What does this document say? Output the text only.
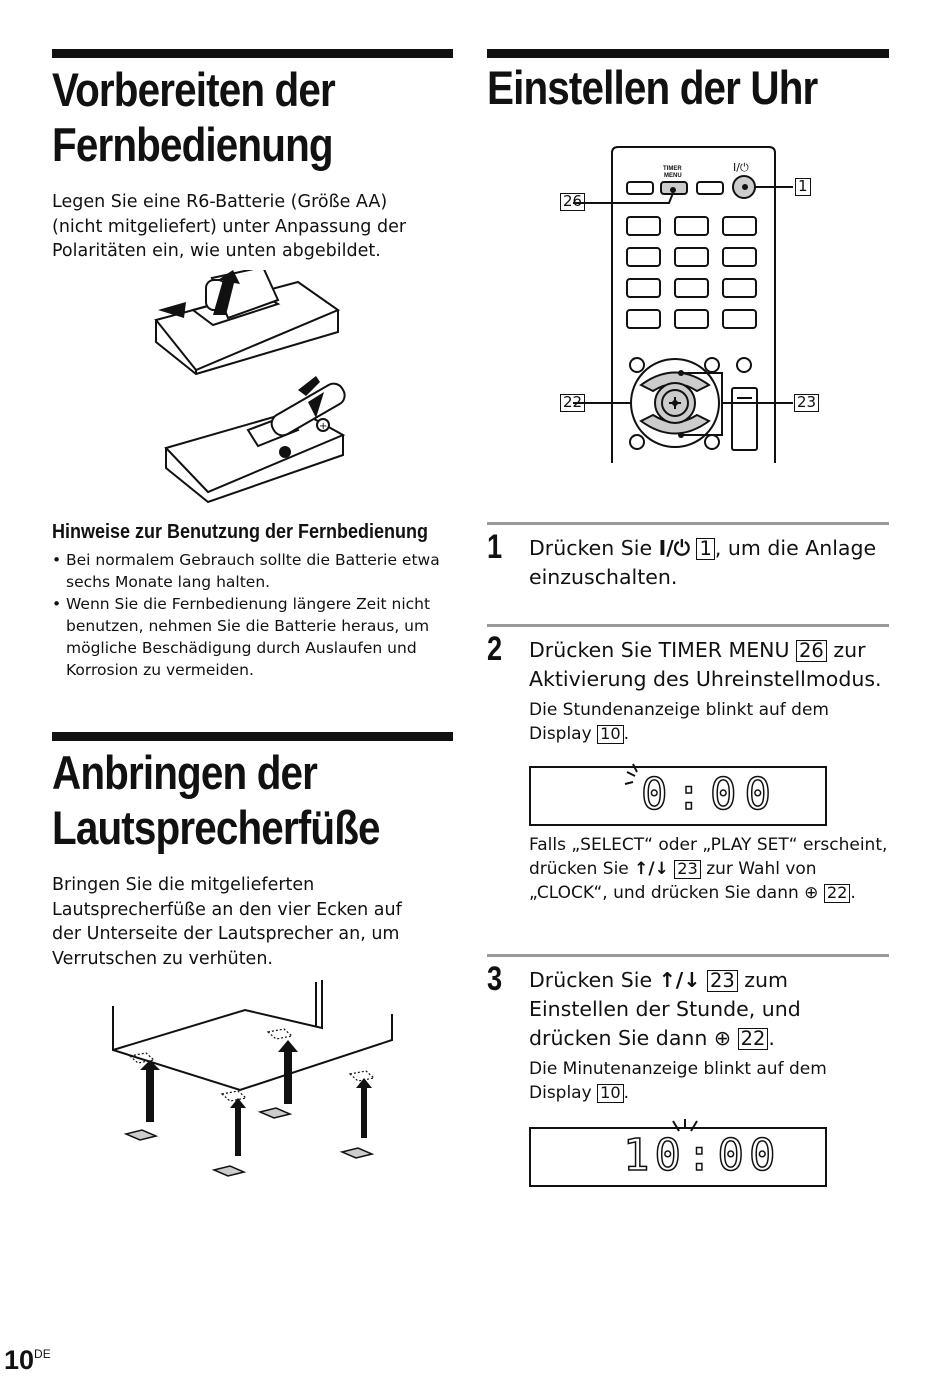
Vorbereiten der
Fernbedienung

Legen Sie eine R6-Batterie (Größe AA) (nicht mitgeliefert) unter Anpassung der Polaritäten ein, wie unten abgebildet.

+
Hinweise zur Benutzung der Fernbedienung
• Bei normalem Gebrauch sollte die Batterie etwa sechs Monate lang halten.
• Wenn Sie die Fernbedienung längere Zeit nicht benutzen, nehmen Sie die Batterie heraus, um mögliche Beschädigung durch Auslaufen und Korrosion zu vermeiden.
Anbringen der
Lautsprecherfüße

Bringen Sie die mitgelieferten Lautsprecherfüße an den vier Ecken auf der Unterseite der Lautsprecher an, um Verrutschen zu verhüten.

Einstellen der Uhr
TIMER
MENU
I/⏻
1
26
22	23
1 Drücken Sie I/⏻ 1 , um die Anlage einzuschalten.

2 Drücken Sie TIMER MENU 26 zur Aktivierung des Uhreinstellmodus.

Die Stundenanzeige blinkt auf dem Display 10 .

0:00

Falls „SELECT“ oder „PLAY SET“ erscheint, drücken Sie ↑/↓ 23 zur Wahl von „CLOCK“, und drücken Sie dann ⊕ 22 .

3 Drücken Sie ↑/↓ 23 zum Einstellen der Stunde, und drücken Sie dann ⊕ 22 .

Die Minutenanzeige blinkt auf dem Display 10 .

10:00
10DE
